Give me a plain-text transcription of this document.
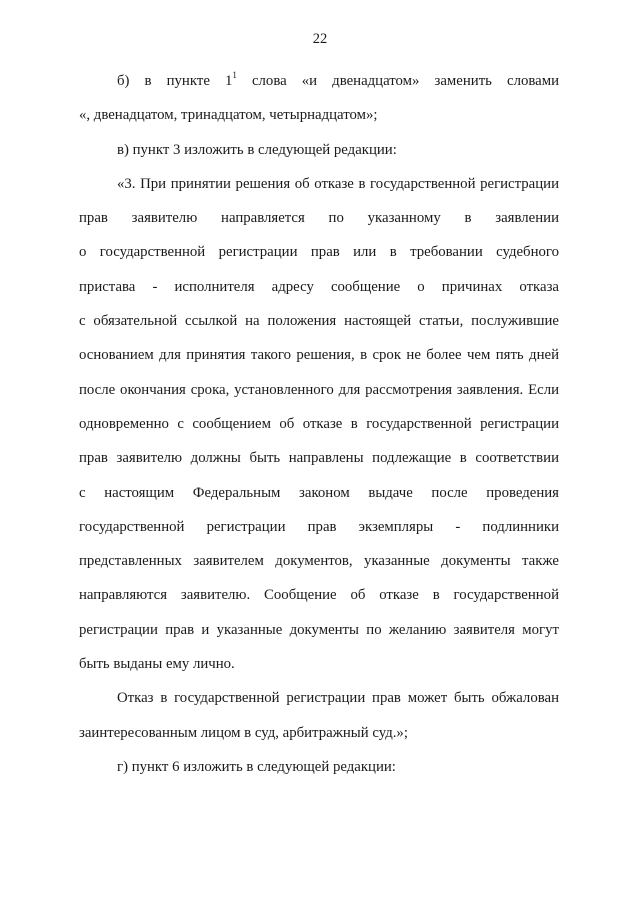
22
б) в пункте $1^1$ слова «и двенадцатом» заменить словами
«, двенадцатом, тринадцатом, четырнадцатом»;
в) пункт 3 изложить в следующей редакции:
«3. При принятии решения об отказе в государственной регистрации
прав заявителю направляется по указанному в заявлении
о государственной регистрации прав или в требовании судебного
пристава - исполнителя адресу сообщение о причинах отказа
с обязательной ссылкой на положения настоящей статьи, послужившие
основанием для принятия такого решения, в срок не более чем пять дней
после окончания срока, установленного для рассмотрения заявления. Если
одновременно с сообщением об отказе в государственной регистрации
прав заявителю должны быть направлены подлежащие в соответствии
с настоящим Федеральным законом выдаче после проведения
государственной регистрации прав экземпляры - подлинники
представленных заявителем документов, указанные документы также
направляются заявителю. Сообщение об отказе в государственной
регистрации прав и указанные документы по желанию заявителя могут
быть выданы ему лично.
Отказ в государственной регистрации прав может быть обжалован
заинтересованным лицом в суд, арбитражный суд.»;
г) пункт 6 изложить в следующей редакции:
